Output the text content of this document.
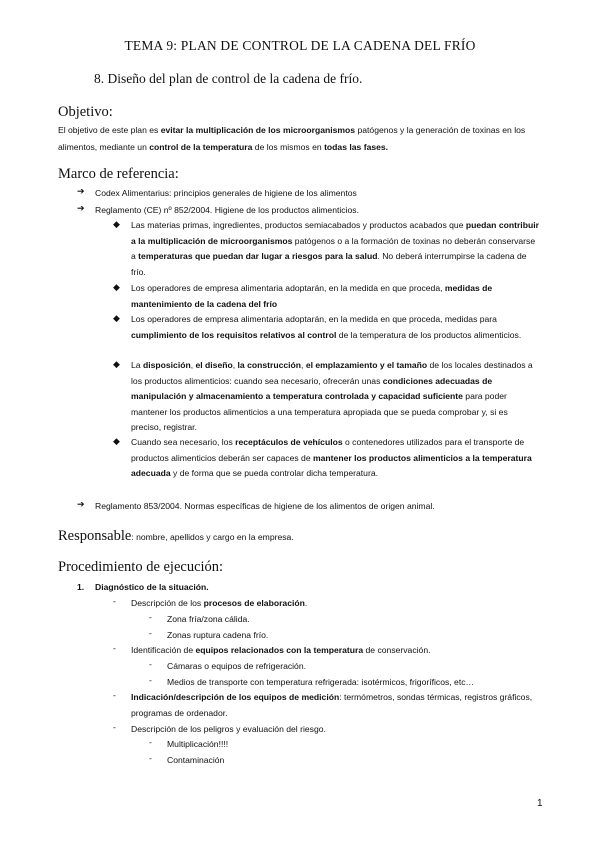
TEMA 9: PLAN DE CONTROL DE LA CADENA DEL FRÍO
8. Diseño del plan de control de la cadena de frío.
Objetivo:
El objetivo de este plan es evitar la multiplicación de los microorganismos patógenos y la generación de toxinas en los alimentos, mediante un control de la temperatura de los mismos en todas las fases.
Marco de referencia:
➔ Codex Alimentarius: principios generales de higiene de los alimentos
➔ Reglamento (CE) nº 852/2004. Higiene de los productos alimenticios.
◆ Las materias primas, ingredientes, productos semiacabados y productos acabados que puedan contribuir a la multiplicación de microorganismos patógenos o a la formación de toxinas no deberán conservarse a temperaturas que puedan dar lugar a riesgos para la salud. No deberá interrumpirse la cadena de frío.
◆ Los operadores de empresa alimentaria adoptarán, en la medida en que proceda, medidas de mantenimiento de la cadena del frío
◆ Los operadores de empresa alimentaria adoptarán, en la medida en que proceda, medidas para cumplimiento de los requisitos relativos al control de la temperatura de los productos alimenticios.
◆ La disposición, el diseño, la construcción, el emplazamiento y el tamaño de los locales destinados a los productos alimenticios: cuando sea necesario, ofrecerán unas condiciones adecuadas de manipulación y almacenamiento a temperatura controlada y capacidad suficiente para poder mantener los productos alimenticios a una temperatura apropiada que se pueda comprobar y, si es preciso, registrar.
◆ Cuando sea necesario, los receptáculos de vehículos o contenedores utilizados para el transporte de productos alimenticios deberán ser capaces de mantener los productos alimenticios a la temperatura adecuada y de forma que se pueda controlar dicha temperatura.
➔ Reglamento 853/2004. Normas específicas de higiene de los alimentos de origen animal.
Responsable: nombre, apellidos y cargo en la empresa.
Procedimiento de ejecución:
1. Diagnóstico de la situación.
- Descripción de los procesos de elaboración.
- Zona fría/zona cálida.
- Zonas ruptura cadena frío.
- Identificación de equipos relacionados con la temperatura de conservación.
- Cámaras o equipos de refrigeración.
- Medios de transporte con temperatura refrigerada: isotérmicos, frigoríficos, etc…
- Indicación/descripción de los equipos de medición: termómetros, sondas térmicas, registros gráficos, programas de ordenador.
- Descripción de los peligros y evaluación del riesgo.
- Multiplicación!!!!
- Contaminación
1
